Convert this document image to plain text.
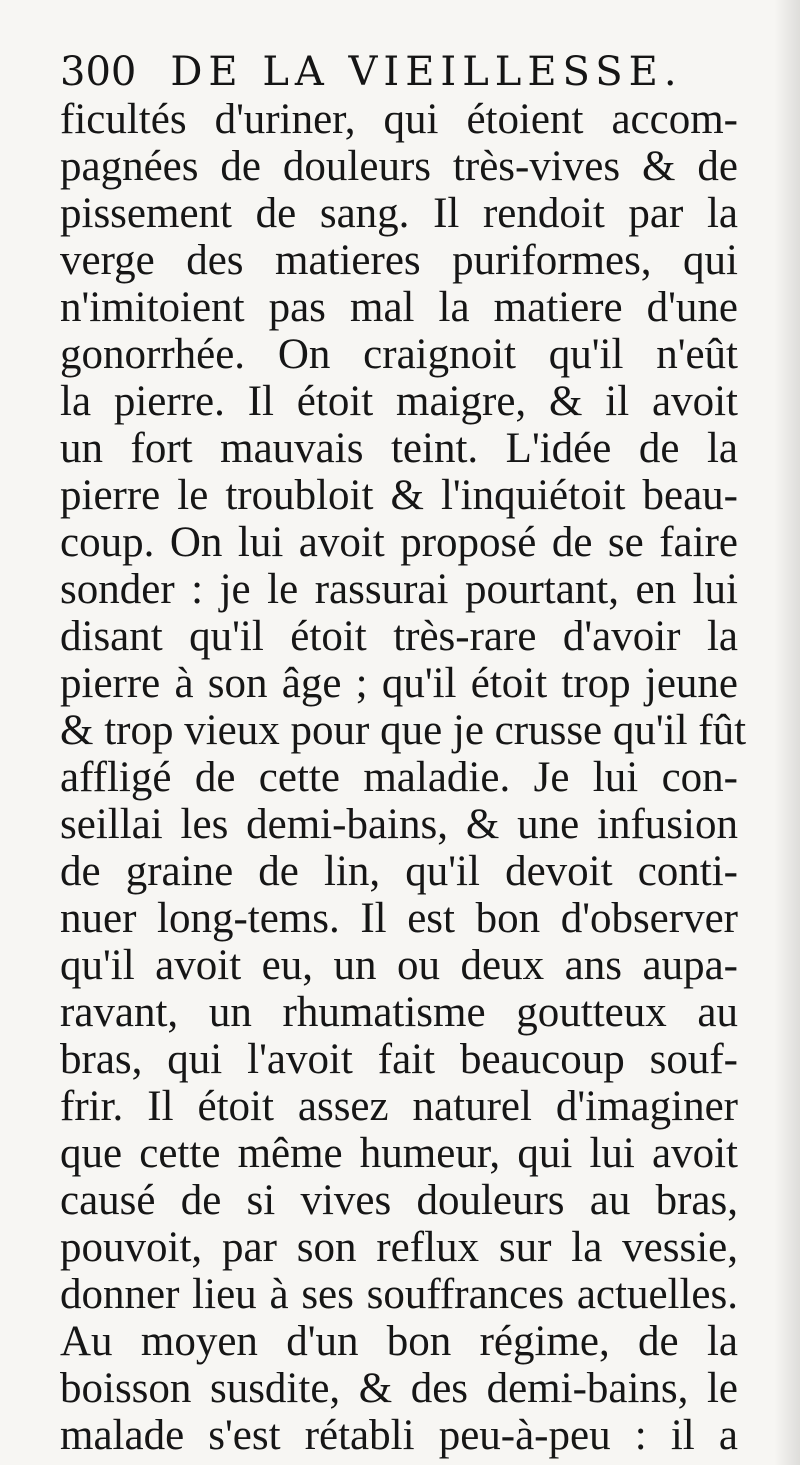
300 DE LA VIEILLESSE.
ficultés d'uriner, qui étoient accom-
pagnées de douleurs très-vives & de
pissement de sang. Il rendoit par la
verge des matieres puriformes, qui
n'imitoient pas mal la matiere d'une
gonorrhée. On craignoit qu'il n'eût
la pierre. Il étoit maigre, & il avoit
un fort mauvais teint. L'idée de la
pierre le troubloit & l'inquiétoit beau-
coup. On lui avoit proposé de se faire
sonder : je le rassurai pourtant, en lui
disant qu'il étoit très-rare d'avoir la
pierre à son âge ; qu'il étoit trop jeune
& trop vieux pour que je crusse qu'il fût
affligé de cette maladie. Je lui con-
seillai les demi-bains, & une infusion
de graine de lin, qu'il devoit conti-
nuer long-tems. Il est bon d'observer
qu'il avoit eu, un ou deux ans aupa-
ravant, un rhumatisme goutteux au
bras, qui l'avoit fait beaucoup souf-
frir. Il étoit assez naturel d'imaginer
que cette même humeur, qui lui avoit
causé de si vives douleurs au bras,
pouvoit, par son reflux sur la vessie,
donner lieu à ses souffrances actuelles.
Au moyen d'un bon régime, de la
boisson susdite, & des demi-bains, le
malade s'est rétabli peu-à-peu : il a
